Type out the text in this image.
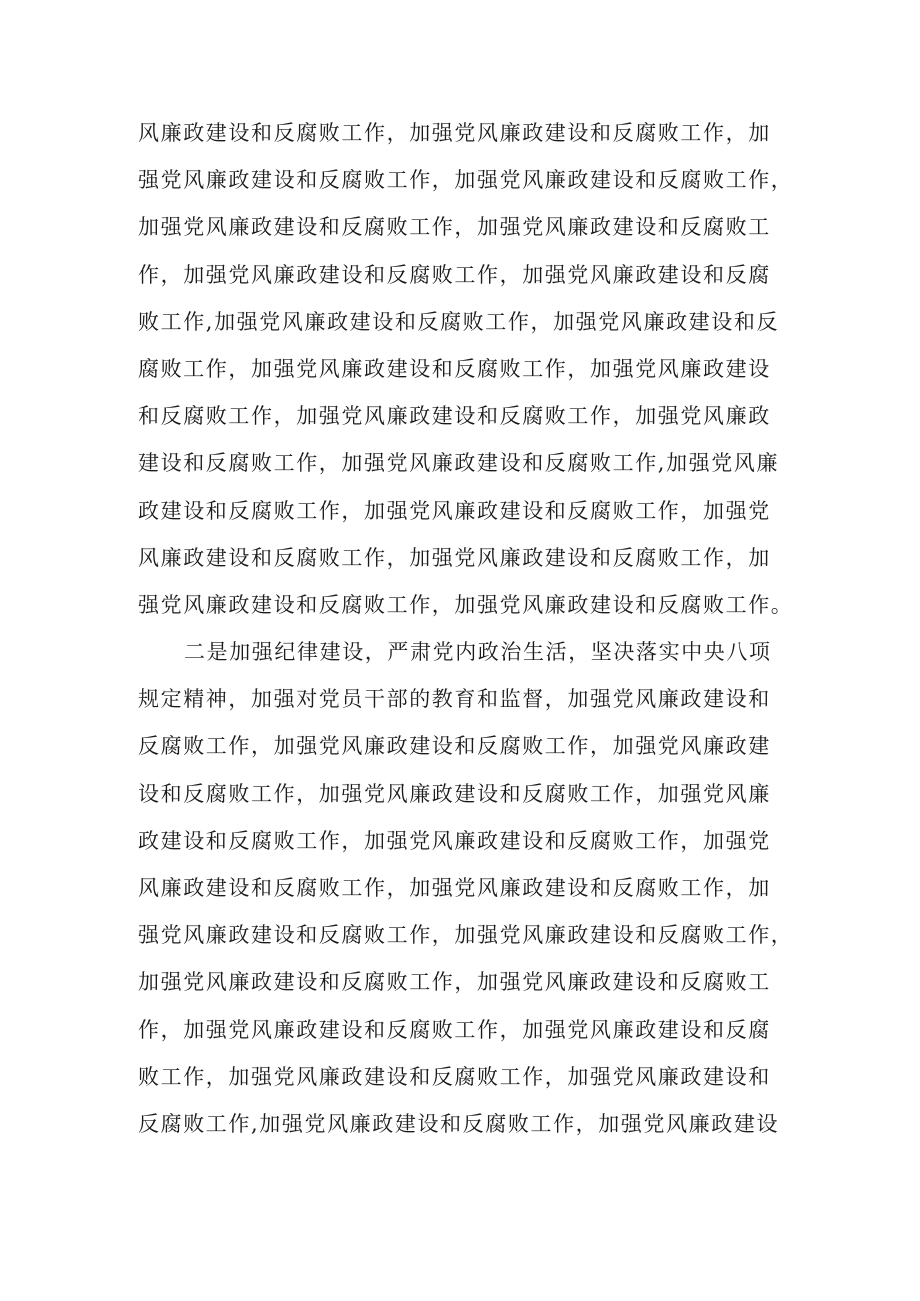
风廉政建设和反腐败工作，加强党风廉政建设和反腐败工作，加
强党风廉政建设和反腐败工作，加强党风廉政建设和反腐败工作，
加强党风廉政建设和反腐败工作，加强党风廉政建设和反腐败工
作，加强党风廉政建设和反腐败工作，加强党风廉政建设和反腐
败工作,加强党风廉政建设和反腐败工作，加强党风廉政建设和反
腐败工作，加强党风廉政建设和反腐败工作，加强党风廉政建设
和反腐败工作，加强党风廉政建设和反腐败工作，加强党风廉政
建设和反腐败工作，加强党风廉政建设和反腐败工作,加强党风廉
政建设和反腐败工作，加强党风廉政建设和反腐败工作，加强党
风廉政建设和反腐败工作，加强党风廉政建设和反腐败工作，加
强党风廉政建设和反腐败工作，加强党风廉政建设和反腐败工作。
二是加强纪律建设，严肃党内政治生活，坚决落实中央八项
规定精神，加强对党员干部的教育和监督，加强党风廉政建设和
反腐败工作，加强党风廉政建设和反腐败工作，加强党风廉政建
设和反腐败工作，加强党风廉政建设和反腐败工作，加强党风廉
政建设和反腐败工作，加强党风廉政建设和反腐败工作，加强党
风廉政建设和反腐败工作，加强党风廉政建设和反腐败工作，加
强党风廉政建设和反腐败工作，加强党风廉政建设和反腐败工作，
加强党风廉政建设和反腐败工作，加强党风廉政建设和反腐败工
作，加强党风廉政建设和反腐败工作，加强党风廉政建设和反腐
败工作，加强党风廉政建设和反腐败工作，加强党风廉政建设和
反腐败工作,加强党风廉政建设和反腐败工作，加强党风廉政建设
